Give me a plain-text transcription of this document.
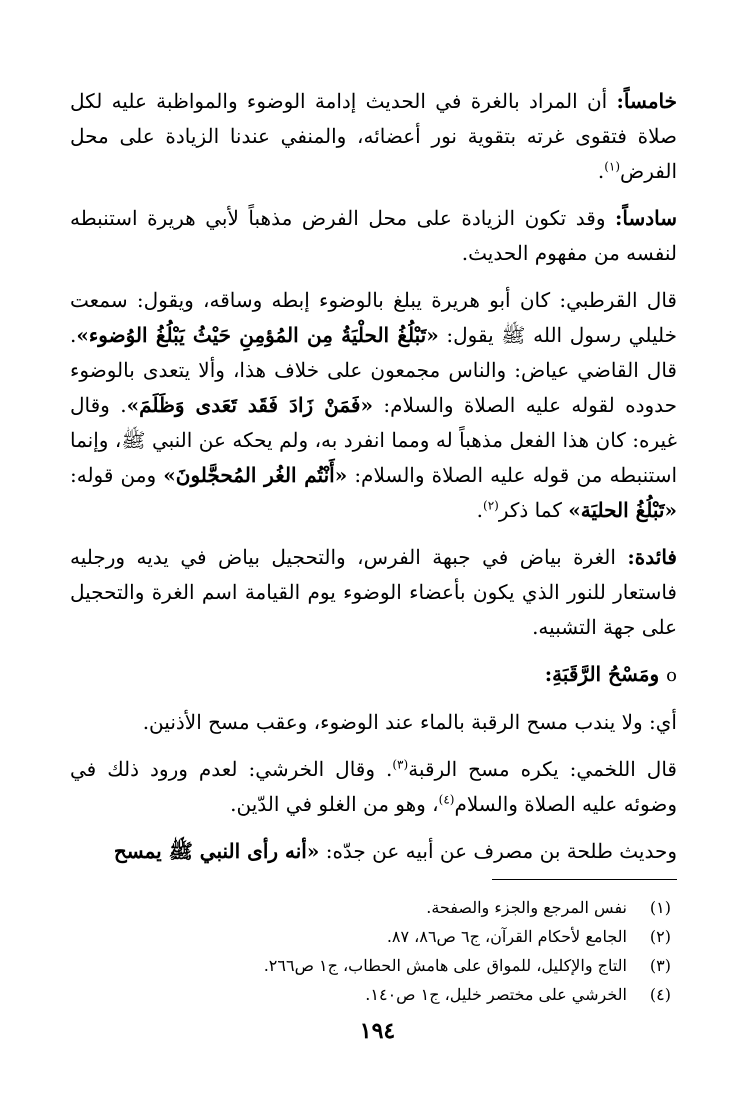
خامساً: أن المراد بالغرة في الحديث إدامة الوضوء والمواظبة عليه لكل صلاة فتقوى غرته بتقوية نور أعضائه، والمنفي عندنا الزيادة على محل الفرض$^{(١)}$.

سادساً: وقد تكون الزيادة على محل الفرض مذهباً لأبي هريرة استنبطه لنفسه من مفهوم الحديث.

قال القرطبي: كان أبو هريرة يبلغ بالوضوء إبطه وساقه، ويقول: سمعت خليلي رسول الله ﷺ يقول: «تَبْلُغُ الحلْيَةُ مِن المُؤمِنِ حَيْثُ يَبْلُغُ الوُضوء». قال القاضي عياض: والناس مجمعون على خلاف هذا، وألا يتعدى بالوضوء حدوده لقوله عليه الصلاة والسلام: «فَمَنْ زَادَ فَقَد تَعَدى وَظَلَمَ». وقال غيره: كان هذا الفعل مذهباً له ومما انفرد به، ولم يحكه عن النبي ﷺ، وإنما استنبطه من قوله عليه الصلاة والسلام: «أَنْتُم الغُر المُحجَّلونَ» ومن قوله: «تَبْلُغُ الحليَة» كما ذكر$^{(٢)}$.

فائدة: الغرة بياض في جبهة الفرس، والتحجيل بياض في يديه ورجليه فاستعار للنور الذي يكون بأعضاء الوضوء يوم القيامة اسم الغرة والتحجيل على جهة التشبيه.

o ومَسْحُ الرَّقَبَةِ:

أي: ولا يندب مسح الرقبة بالماء عند الوضوء، وعقب مسح الأذنين.

قال اللخمي: يكره مسح الرقبة$^{(٣)}$. وقال الخرشي: لعدم ورود ذلك في وضوئه عليه الصلاة والسلام$^{(٤)}$، وهو من الغلو في الدّين.

وحديث طلحة بن مصرف عن أبيه عن جدّه: «أنه رأى النبي ﷺ يمسح

(١)
نفس المرجع والجزء والصفحة.
(٢)
الجامع لأحكام القرآن، ج٦ ص٨٦، ٨٧.
(٣)
التاج والإكليل، للمواق على هامش الحطاب، ج١ ص٢٦٦.
(٤)
الخرشي على مختصر خليل، ج١ ص١٤٠.
١٩٤
